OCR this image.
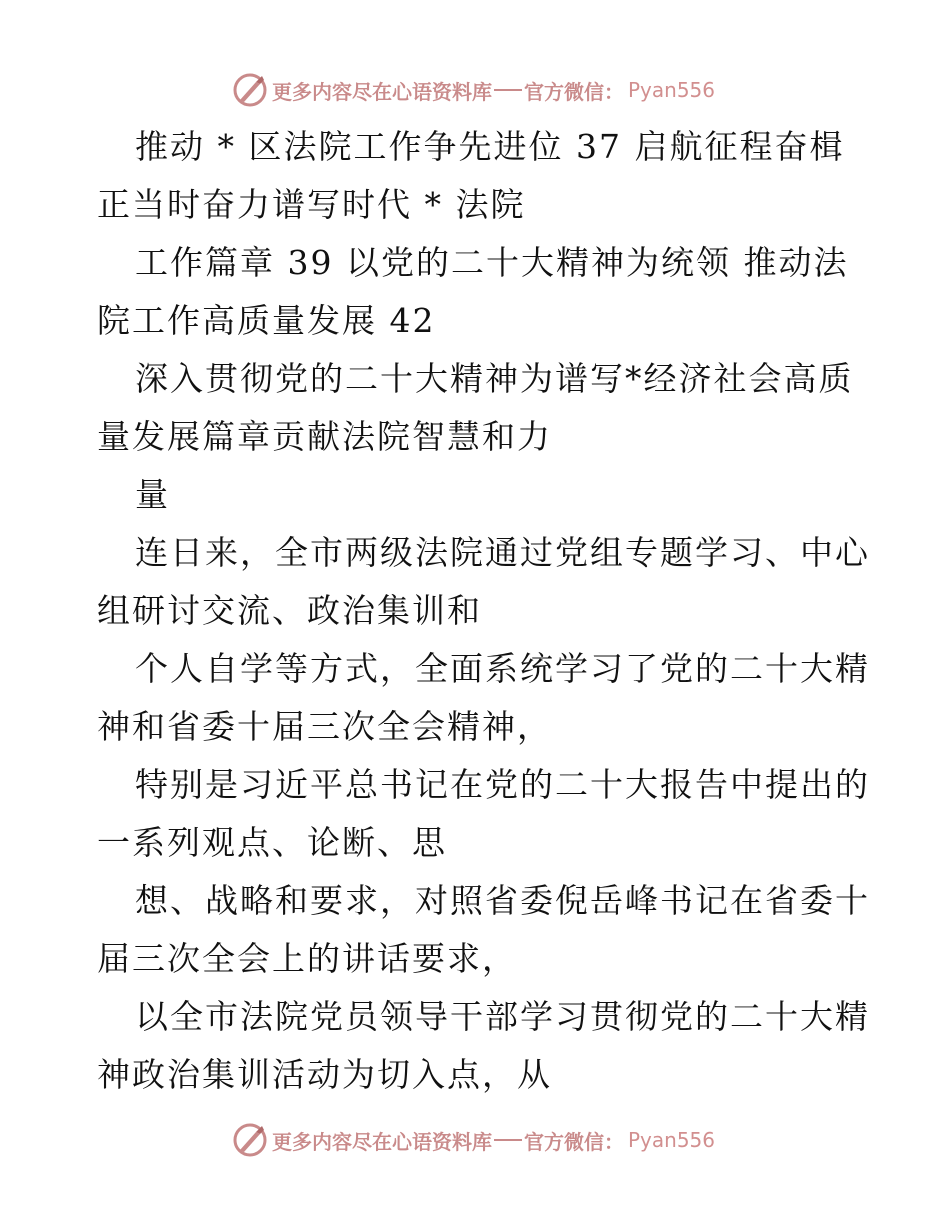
更多内容尽在心语资料库 官方微信： Pyan556
推动 * 区法院工作争先进位 37 启航征程奋楫
正当时奋力谱写时代 * 法院
工作篇章 39 以党的二十大精神为统领 推动法
院工作高质量发展 42
深入贯彻党的二十大精神为谱写*经济社会高质
量发展篇章贡献法院智慧和力
量
连日来，全市两级法院通过党组专题学习、中心
组研讨交流、政治集训和
个人自学等方式，全面系统学习了党的二十大精
神和省委十届三次全会精神，
特别是习近平总书记在党的二十大报告中提出的
一系列观点、论断、思
想、战略和要求，对照省委倪岳峰书记在省委十
届三次全会上的讲话要求，
以全市法院党员领导干部学习贯彻党的二十大精
神政治集训活动为切入点，从
更多内容尽在心语资料库 官方微信： Pyan556
